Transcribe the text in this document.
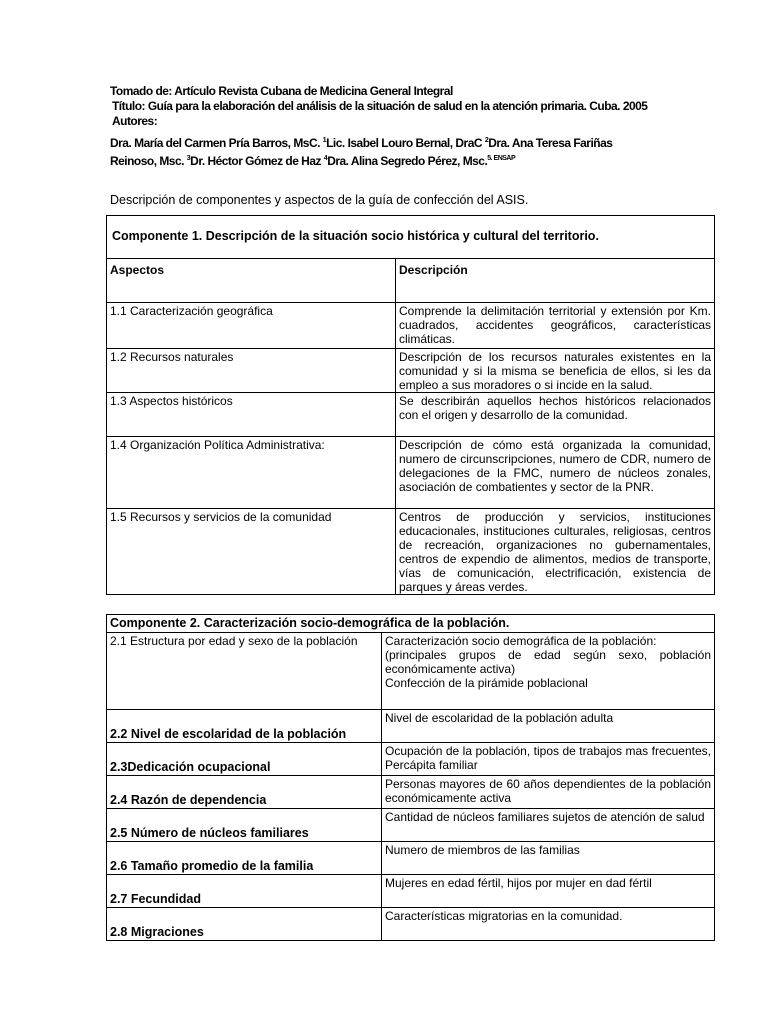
Tomado de: Artículo Revista Cubana de Medicina General Integral
Título: Guía para la elaboración del análisis de la situación de salud en la atención primaria. Cuba. 2005
Autores:
Dra. María del Carmen Pría Barros, MsC. $^1$Lic. Isabel Louro Bernal, DraC $^2$Dra. Ana Teresa Fariñas
Reinoso, Msc. $^3$Dr. Héctor Gómez de Haz $^4$Dra. Alina Segredo Pérez, Msc.$^{5. ENSAP}$
Descripción de componentes y aspectos de la guía de confección del ASIS.
Componente 1. Descripción de la situación socio histórica y cultural del territorio.	
Aspectos	Descripción
1.1 Caracterización geográfica	Comprende la delimitación territorial y extensión por Km. cuadrados, accidentes geográficos, características climáticas.
1.2 Recursos naturales	Descripción de los recursos naturales existentes en la comunidad y si la misma se beneficia de ellos, si les da empleo a sus moradores o si incide en la salud.
1.3 Aspectos históricos	Se describirán aquellos hechos históricos relacionados con el origen y desarrollo de la comunidad.
1.4 Organización Política Administrativa:	Descripción de cómo está organizada la comunidad, numero de circunscripciones, numero de CDR, numero de delegaciones de la FMC, numero de núcleos zonales, asociación de combatientes y sector de la PNR.
1.5 Recursos y servicios de la comunidad	Centros de producción y servicios, instituciones educacionales, instituciones culturales, religiosas, centros de recreación, organizaciones no gubernamentales, centros de expendio de alimentos, medios de transporte, vías de comunicación, electrificación, existencia de parques y áreas verdes.
Componente 2. Caracterización socio-demográfica de la población.	
2.1 Estructura por edad y sexo de la población	Caracterización socio demográfica de la población:

(principales grupos de edad según sexo, población económicamente activa)

Confección de la pirámide poblacional

2.2 Nivel de escolaridad de la población	Nivel de escolaridad de la población adulta
2.3Dedicación ocupacional	Ocupación de la población, tipos de trabajos mas frecuentes, Percápita familiar
2.4 Razón de dependencia	Personas mayores de 60 años dependientes de la población económicamente activa
2.5 Número de núcleos familiares	Cantidad de núcleos familiares sujetos de atención de salud
2.6 Tamaño promedio de la familia	Numero de miembros de las familias
2.7 Fecundidad	Mujeres en edad fértil, hijos por mujer en dad fértil
2.8 Migraciones	Características migratorias en la comunidad.
